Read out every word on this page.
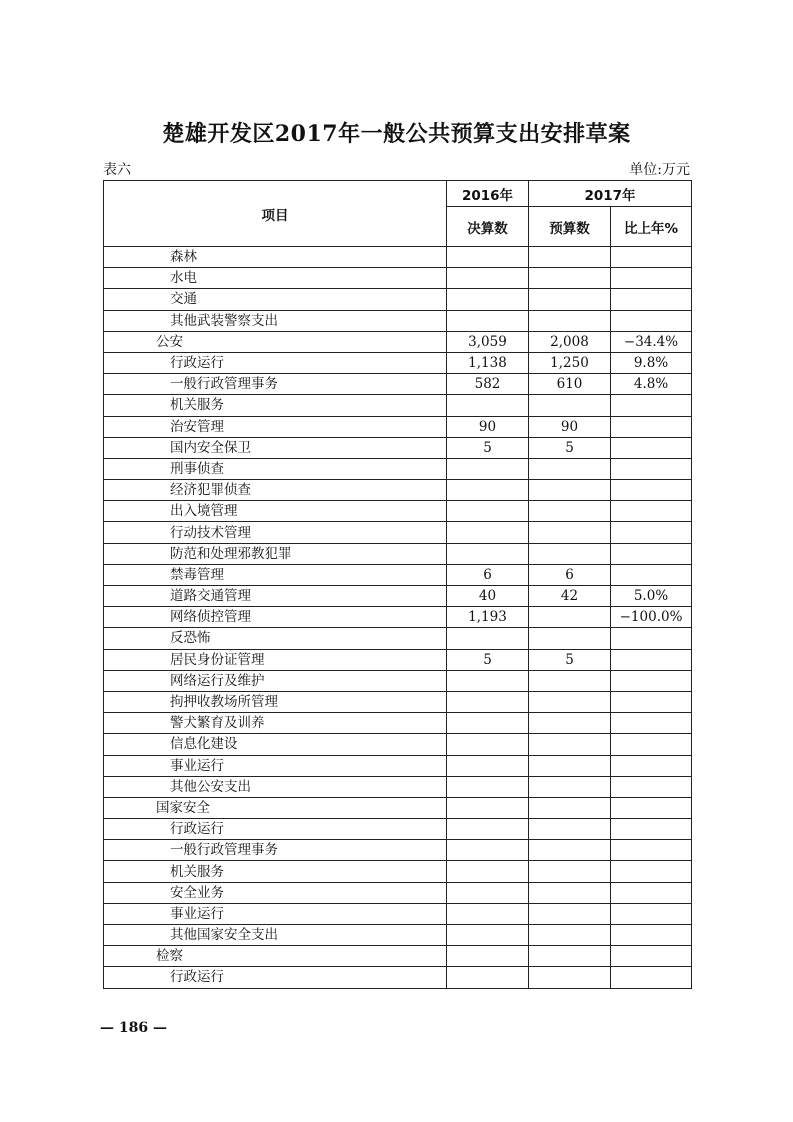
楚雄开发区2017年一般公共预算支出安排草案
表六	单位:万元
项目	2016年	2017年	
	决算数	预算数	比上年%
森林			
水电			
交通			
其他武装警察支出			
公安	3,059	2,008	−34.4%
行政运行	1,138	1,250	9.8%
一般行政管理事务	582	610	4.8%
机关服务			
治安管理	90	90	
国内安全保卫	5	5	
刑事侦查			
经济犯罪侦查			
出入境管理			
行动技术管理			
防范和处理邪教犯罪			
禁毒管理	6	6	
道路交通管理	40	42	5.0%
网络侦控管理	1,193		−100.0%
反恐怖			
居民身份证管理	5	5	
网络运行及维护			
拘押收教场所管理			
警犬繁育及训养			
信息化建设			
事业运行			
其他公安支出			
国家安全			
行政运行			
一般行政管理事务			
机关服务			
安全业务			
事业运行			
其他国家安全支出			
检察			
行政运行			
— 186 —
